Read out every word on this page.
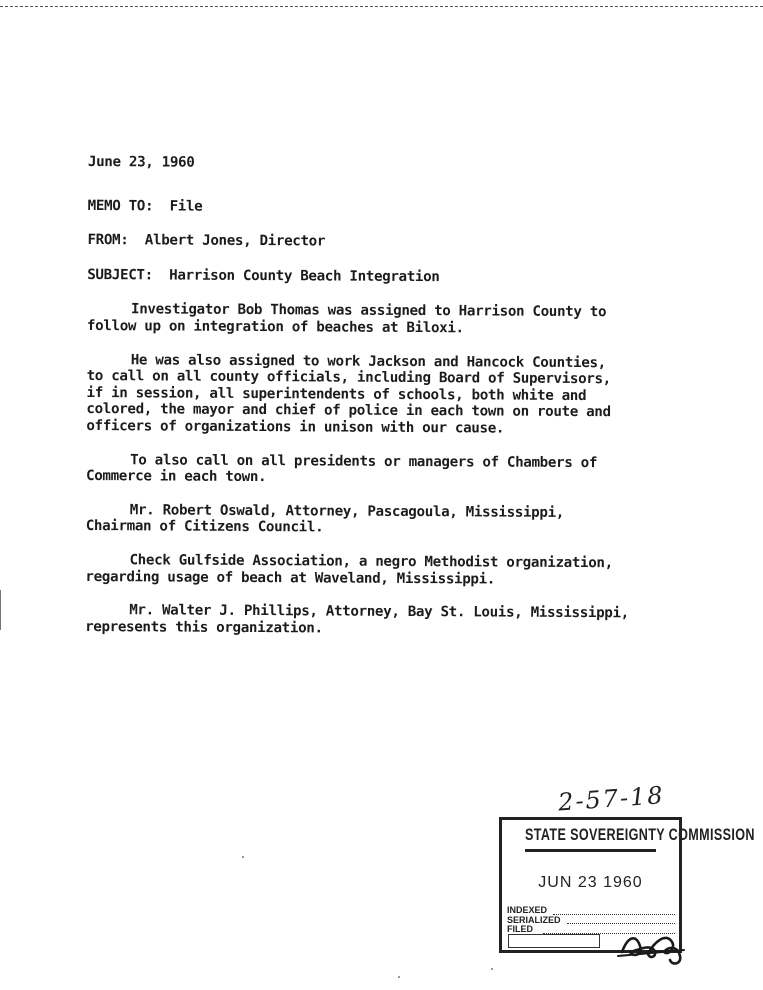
June 23, 1960
MEMO TO: File
FROM: Albert Jones, Director
SUBJECT: Harrison County Beach Integration
Investigator Bob Thomas was assigned to Harrison County to
follow up on integration of beaches at Biloxi.
He was also assigned to work Jackson and Hancock Counties,
to call on all county officials, including Board of Supervisors,
if in session, all superintendents of schools, both white and
colored, the mayor and chief of police in each town on route and
officers of organizations in unison with our cause.
To also call on all presidents or managers of Chambers of
Commerce in each town.
Mr. Robert Oswald, Attorney, Pascagoula, Mississippi,
Chairman of Citizens Council.
Check Gulfside Association, a negro Methodist organization,
regarding usage of beach at Waveland, Mississippi.
Mr. Walter J. Phillips, Attorney, Bay St. Louis, Mississippi,
represents this organization.
2-57-18
STATE SOVEREIGNTY COMMISSION
JUN 23 1960
INDEXED
SERIALIZED
FILED
